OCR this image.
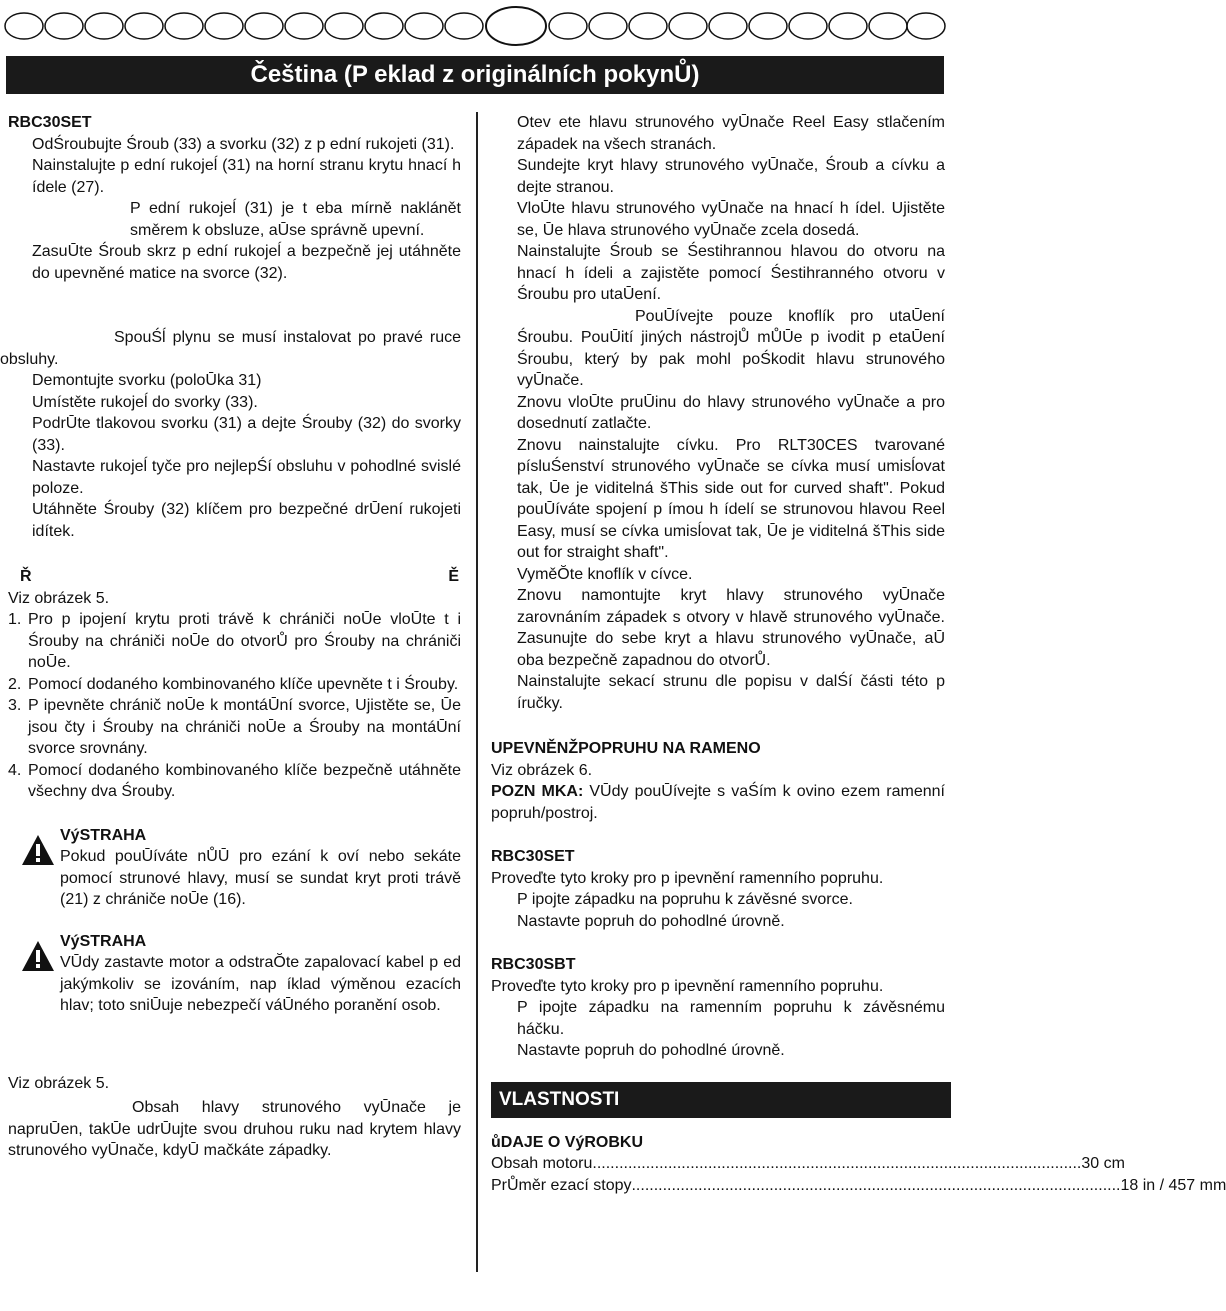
Čeština (P eklad z originálních pokynŮ)

RBC30SET

OdŚroubujte Śroub (33) a svorku (32) z p ední rukojeti (31).

Nainstalujte p ední rukojeĺ (31) na horní stranu krytu hnací h ídele (27).

P ední rukojeĺ (31) je t eba mírně naklánět směrem k obsluze, aŪse správně upevní.

ZasuŪte Śroub skrz p ední rukojeĺ a bezpečně jej utáhněte do upevněné matice na svorce (32).

SpouŚĺ plynu se musí instalovat po pravé ruce obsluhy.

Demontujte svorku (poloŪka 31)

Umístěte rukojeĺ do svorky (33).

PodrŪte tlakovou svorku (31) a dejte Śrouby (32) do svorky (33).

Nastavte rukojeĺ tyče pro nejlepŚí obsluhu v pohodlné svislé poloze.

Utáhněte Śrouby (32) klíčem pro bezpečné drŪení rukojeti idítek.

Ř	Ě

Viz obrázek 5.

1. Pro p ipojení krytu proti trávě k chrániči noŪe vloŪte t i Śrouby na chrániči noŪe do otvorŮ pro Śrouby na chrániči noŪe.
2. Pomocí dodaného kombinovaného klíče upevněte t i Śrouby.
3. P ipevněte chránič noŪe k montáŪní svorce, Ujistěte se, Ūe jsou čty i Śrouby na chrániči noŪe a Śrouby na montáŪní svorce srovnány.
4. Pomocí dodaného kombinovaného klíče bezpečně utáhněte všechny dva Śrouby.

VýSTRAHA

Pokud pouŪíváte nŮŪ pro ezání k oví nebo sekáte pomocí strunové hlavy, musí se sundat kryt proti trávě (21) z chrániče noŪe (16).

VýSTRAHA

VŪdy zastavte motor a odstraŎte zapalovací kabel p ed jakýmkoliv se izováním, nap íklad výměnou ezacích hlav; toto sniŪuje nebezpečí váŪného poranění osob.

Viz obrázek 5.

Obsah hlavy strunového vyŪnače je napruŪen, takŪe udrŪujte svou druhou ruku nad krytem hlavy strunového vyŪnače, kdyŪ mačkáte západky.

Otev ete hlavu strunového vyŪnače Reel Easy stlačením západek na všech stranách.

Sundejte kryt hlavy strunového vyŪnače, Śroub a cívku a dejte stranou.

VloŪte hlavu strunového vyŪnače na hnací h ídel. Ujistěte se, Ūe hlava strunového vyŪnače zcela dosedá.

Nainstalujte Śroub se Śestihrannou hlavou do otvoru na hnací h ídeli a zajistěte pomocí Śestihranného otvoru v Śroubu pro utaŪení.

PouŪívejte pouze knoflík pro utaŪení Śroubu. PouŪití jiných nástrojŮ mŮŪe p ivodit p etaŪení Śroubu, který by pak mohl poŚkodit hlavu strunového vyŪnače.

Znovu vloŪte pruŪinu do hlavy strunového vyŪnače a pro dosednutí zatlačte.

Znovu nainstalujte cívku. Pro RLT30CES tvarované písluŚenství strunového vyŪnače se cívka musí umisĺovat tak, Ūe je viditelná šThis side out for curved shaft". Pokud pouŪíváte spojení p ímou h ídelí se strunovou hlavou Reel Easy, musí se cívka umisĺovat tak, Ūe je viditelná šThis side out for straight shaft".

VyměŎte knoflík v cívce.

Znovu namontujte kryt hlavy strunového vyŪnače zarovnáním západek s otvory v hlavě strunového vyŪnače. Zasunujte do sebe kryt a hlavu strunového vyŪnače, aŪ oba bezpečně zapadnou do otvorŮ.

Nainstalujte sekací strunu dle popisu v dalŚí části této p íručky.

UPEVNĚNŽPOPRUHU NA RAMENO

Viz obrázek 6.

POZN MKA: VŪdy pouŪívejte s vaŚím k ovino ezem ramenní popruh/postroj.

RBC30SET

Proveďte tyto kroky pro p ipevnění ramenního popruhu.

P ipojte západku na popruhu k závěsné svorce.

Nastavte popruh do pohodlné úrovně.

RBC30SBT

Proveďte tyto kroky pro p ipevnění ramenního popruhu.

P ipojte západku na ramenním popruhu k závěsnému háčku.

Nastavte popruh do pohodlné úrovně.

VLASTNOSTI

ůDAJE O VýROBKU

Obsah motoru .............................................................................................................. 30 cm
PrŮměr ezací stopy .............................................................................................................. 18 in / 457 mm
